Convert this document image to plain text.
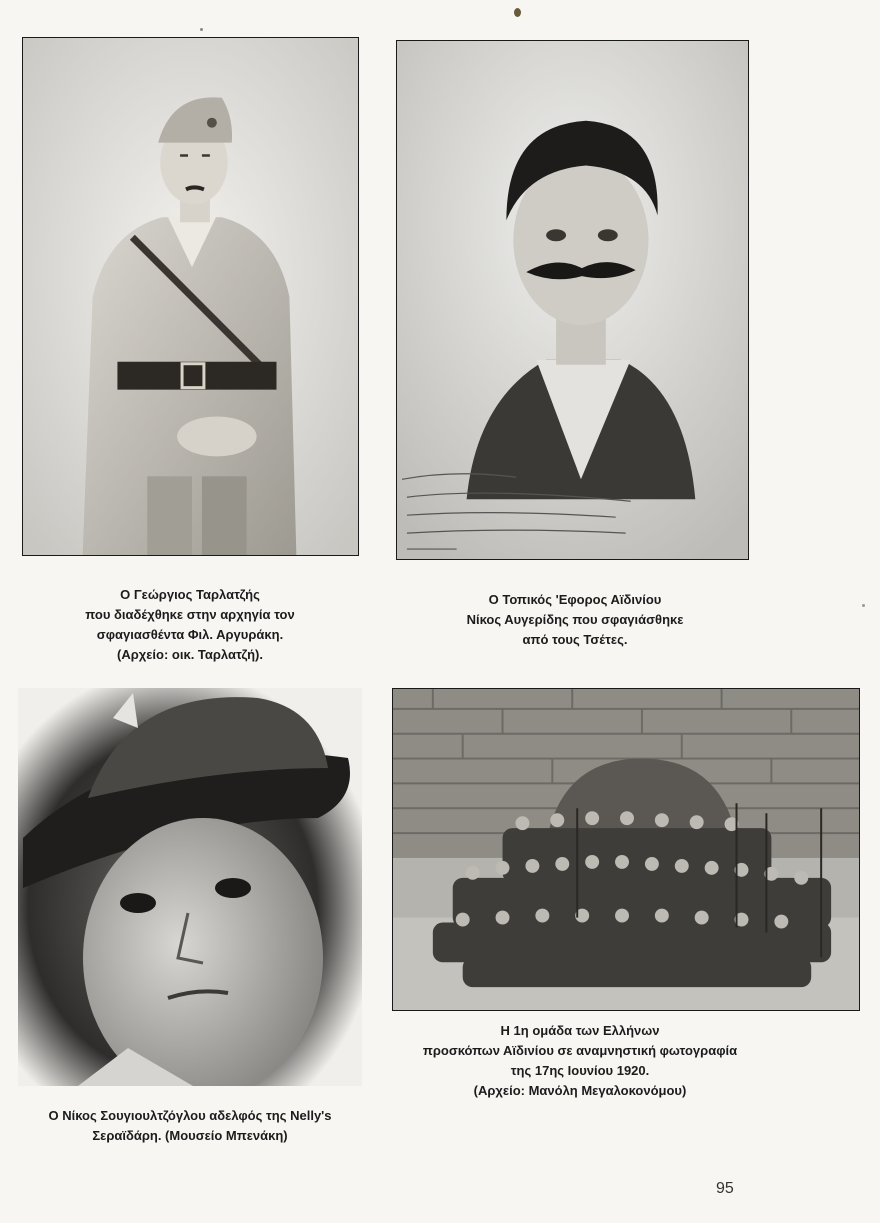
Ο Γεώργιος Ταρλατζής
που διαδέχθηκε στην αρχηγία τον
σφαγιασθέντα Φιλ. Αργυράκη.
(Αρχείο: οικ. Ταρλατζή).
Ο Τοπικός 'Εφορος Αϊδινίου
Νίκος Αυγερίδης που σφαγιάσθηκε
από τους Τσέτες.
Ο Νίκος Σουγιουλτζόγλου αδελφός της Nelly's
Σεραϊδάρη. (Μουσείο Μπενάκη)
Η 1η ομάδα των Ελλήνων
προσκόπων Αϊδινίου σε αναμνηστική φωτογραφία
της 17ης Ιουνίου 1920.
(Αρχείο: Μανόλη Μεγαλοκονόμου)
95
